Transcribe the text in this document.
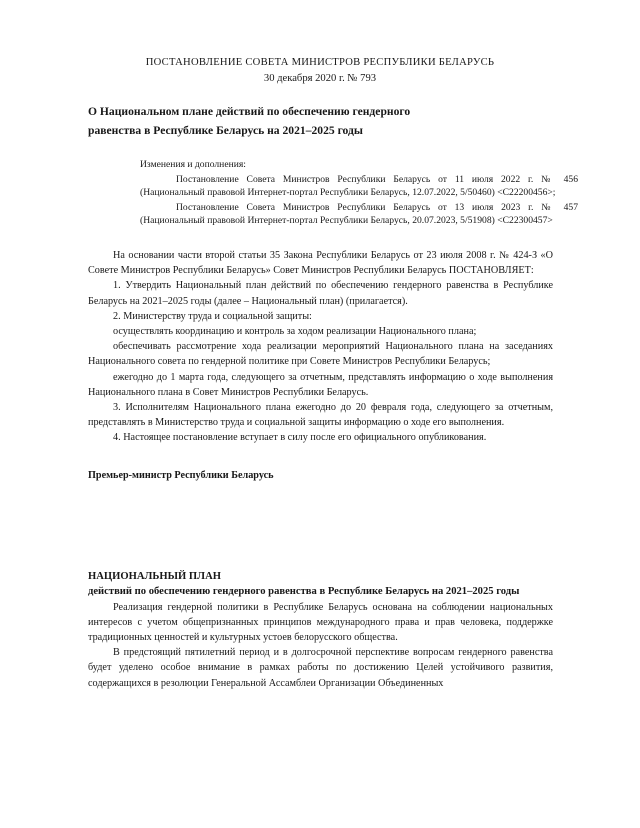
ПОСТАНОВЛЕНИЕ СОВЕТА МИНИСТРОВ РЕСПУБЛИКИ БЕЛАРУСЬ
30 декабря 2020 г. № 793
О Национальном плане действий по обеспечению гендерного равенства в Республике Беларусь на 2021–2025 годы
Изменения и дополнения:
Постановление Совета Министров Республики Беларусь от 11 июля 2022 г. № 456 (Национальный правовой Интернет-портал Республики Беларусь, 12.07.2022, 5/50460) <C22200456>;
Постановление Совета Министров Республики Беларусь от 13 июля 2023 г. № 457 (Национальный правовой Интернет-портал Республики Беларусь, 20.07.2023, 5/51908) <C22300457>

На основании части второй статьи 35 Закона Республики Беларусь от 23 июля 2008 г. № 424-З «О Совете Министров Республики Беларусь» Совет Министров Республики Беларусь ПОСТАНОВЛЯЕТ:

1. Утвердить Национальный план действий по обеспечению гендерного равенства в Республике Беларусь на 2021–2025 годы (далее – Национальный план) (прилагается).

2. Министерству труда и социальной защиты:

осуществлять координацию и контроль за ходом реализации Национального плана;

обеспечивать рассмотрение хода реализации мероприятий Национального плана на заседаниях Национального совета по гендерной политике при Совете Министров Республики Беларусь;

ежегодно до 1 марта года, следующего за отчетным, представлять информацию о ходе выполнения Национального плана в Совет Министров Республики Беларусь.

3. Исполнителям Национального плана ежегодно до 20 февраля года, следующего за отчетным, представлять в Министерство труда и социальной защиты информацию о ходе его выполнения.

4. Настоящее постановление вступает в силу после его официального опубликования.

Премьер-министр Республики Беларусь
НАЦИОНАЛЬНЫЙ ПЛАН
действий по обеспечению гендерного равенства в Республике Беларусь на 2021–2025 годы

Реализация гендерной политики в Республике Беларусь основана на соблюдении национальных интересов с учетом общепризнанных принципов международного права и прав человека, поддержке традиционных ценностей и культурных устоев белорусского общества.

В предстоящий пятилетний период и в долгосрочной перспективе вопросам гендерного равенства будет уделено особое внимание в рамках работы по достижению Целей устойчивого развития, содержащихся в резолюции Генеральной Ассамблеи Организации Объединенных
